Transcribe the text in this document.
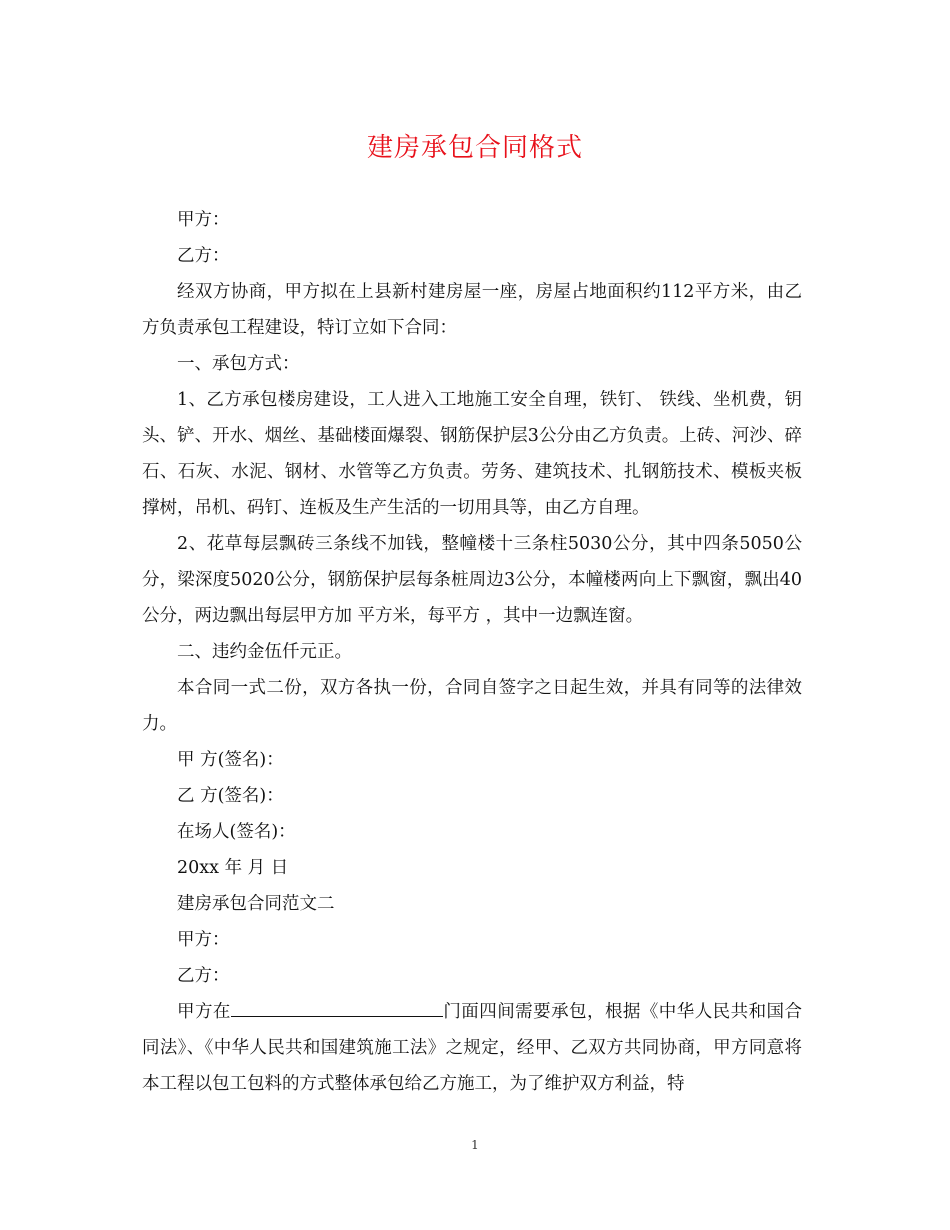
建房承包合同格式

甲方：

乙方：

经双方协商，甲方拟在上县新村建房屋一座，房屋占地面积约112平方米，由乙方负责承包工程建设，特订立如下合同：

一、承包方式：

1、乙方承包楼房建设，工人进入工地施工安全自理，铁钉、 铁线、坐机费，钥头、铲、开水、烟丝、基础楼面爆裂、钢筋保护层3公分由乙方负责。上砖、河沙、碎石、石灰、水泥、钢材、水管等乙方负责。劳务、建筑技术、扎钢筋技术、模板夹板撑树，吊机、码钉、连板及生产生活的一切用具等，由乙方自理。

2、花草每层飘砖三条线不加钱，整幢楼十三条柱5030公分，其中四条5050公分，梁深度5020公分，钢筋保护层每条桩周边3公分，本幢楼两向上下飘窗，飘出40公分，两边飘出每层甲方加 平方米，每平方 ，其中一边飘连窗。

二、违约金伍仟元正。

本合同一式二份，双方各执一份，合同自签字之日起生效，并具有同等的法律效力。

甲 方(签名)：

乙 方(签名)：

在场人(签名)：

20xx 年 月 日

建房承包合同范文二

甲方：

乙方：

甲方在	门面四间需要承包，根据《中华人民共和国合同法》、《中华人民共和国建筑施工法》之规定，经甲、乙双方共同协商，甲方同意将本工程以包工包料的方式整体承包给乙方施工，为了维护双方利益，特

1
